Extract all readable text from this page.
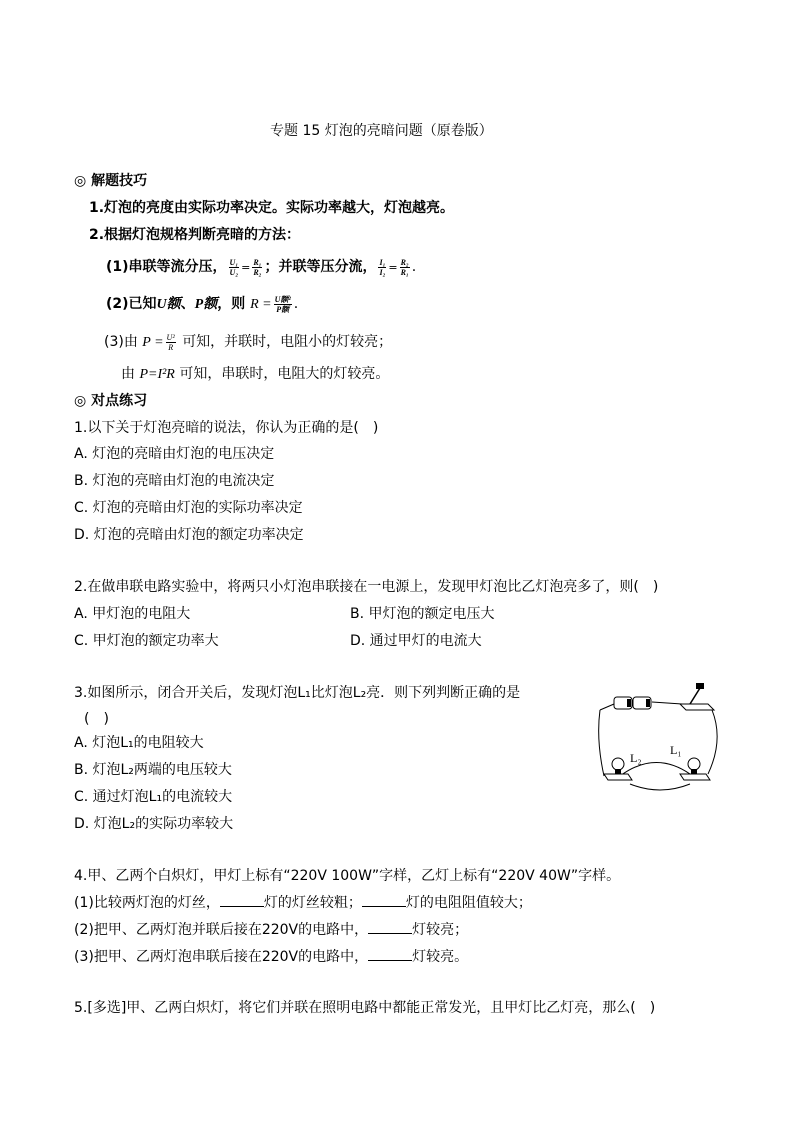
专题 15 灯泡的亮暗问题（原卷版）
◎ 解题技巧
1.灯泡的亮度由实际功率决定。实际功率越大，灯泡越亮。
2.根据灯泡规格判断亮暗的方法：
(1)串联等流分压， $\frac{\text{U₁}}{\text{U₂}} = \frac{\text{R₁}}{\text{R₂}}$ ；并联等压分流， $\frac{\text{I₁}}{\text{I₂}} = \frac{\text{R₂}}{\text{R₁}}$ .
(2)已知U额、P额，则 $R = \frac{\text{U额²}}{\text{P额}}$ .
(3)由 $P = \frac{\text{U²}}{R}$ 可知，并联时，电阻小的灯较亮；
由 P=I²R 可知，串联时，电阻大的灯较亮。
◎ 对点练习
1.以下关于灯泡亮暗的说法，你认为正确的是(　)
A. 灯泡的亮暗由灯泡的电压决定
B. 灯泡的亮暗由灯泡的电流决定
C. 灯泡的亮暗由灯泡的实际功率决定
D. 灯泡的亮暗由灯泡的额定功率决定
2.在做串联电路实验中，将两只小灯泡串联接在一电源上，发现甲灯泡比乙灯泡亮多了，则(　)
A. 甲灯泡的电阻大	B. 甲灯泡的额定电压大
C. 甲灯泡的额定功率大	D. 通过甲灯的电流大
3.如图所示，闭合开关后，发现灯泡L₁比灯泡L₂亮．则下列判断正确的是
(　)
A. 灯泡L₁的电阻较大
B. 灯泡L₂两端的电压较大
C. 通过灯泡L₁的电流较大
D. 灯泡L₂的实际功率较大
L₂
L₁
4.甲、乙两个白炽灯，甲灯上标有“220V 100W”字样，乙灯上标有“220V 40W”字样。
(1)比较两灯泡的灯丝，	灯的灯丝较粗；	灯的电阻阻值较大；
(2)把甲、乙两灯泡并联后接在220V的电路中，	灯较亮；
(3)把甲、乙两灯泡串联后接在220V的电路中，	灯较亮。
5.[多选]甲、乙两白炽灯，将它们并联在照明电路中都能正常发光，且甲灯比乙灯亮，那么(　)
